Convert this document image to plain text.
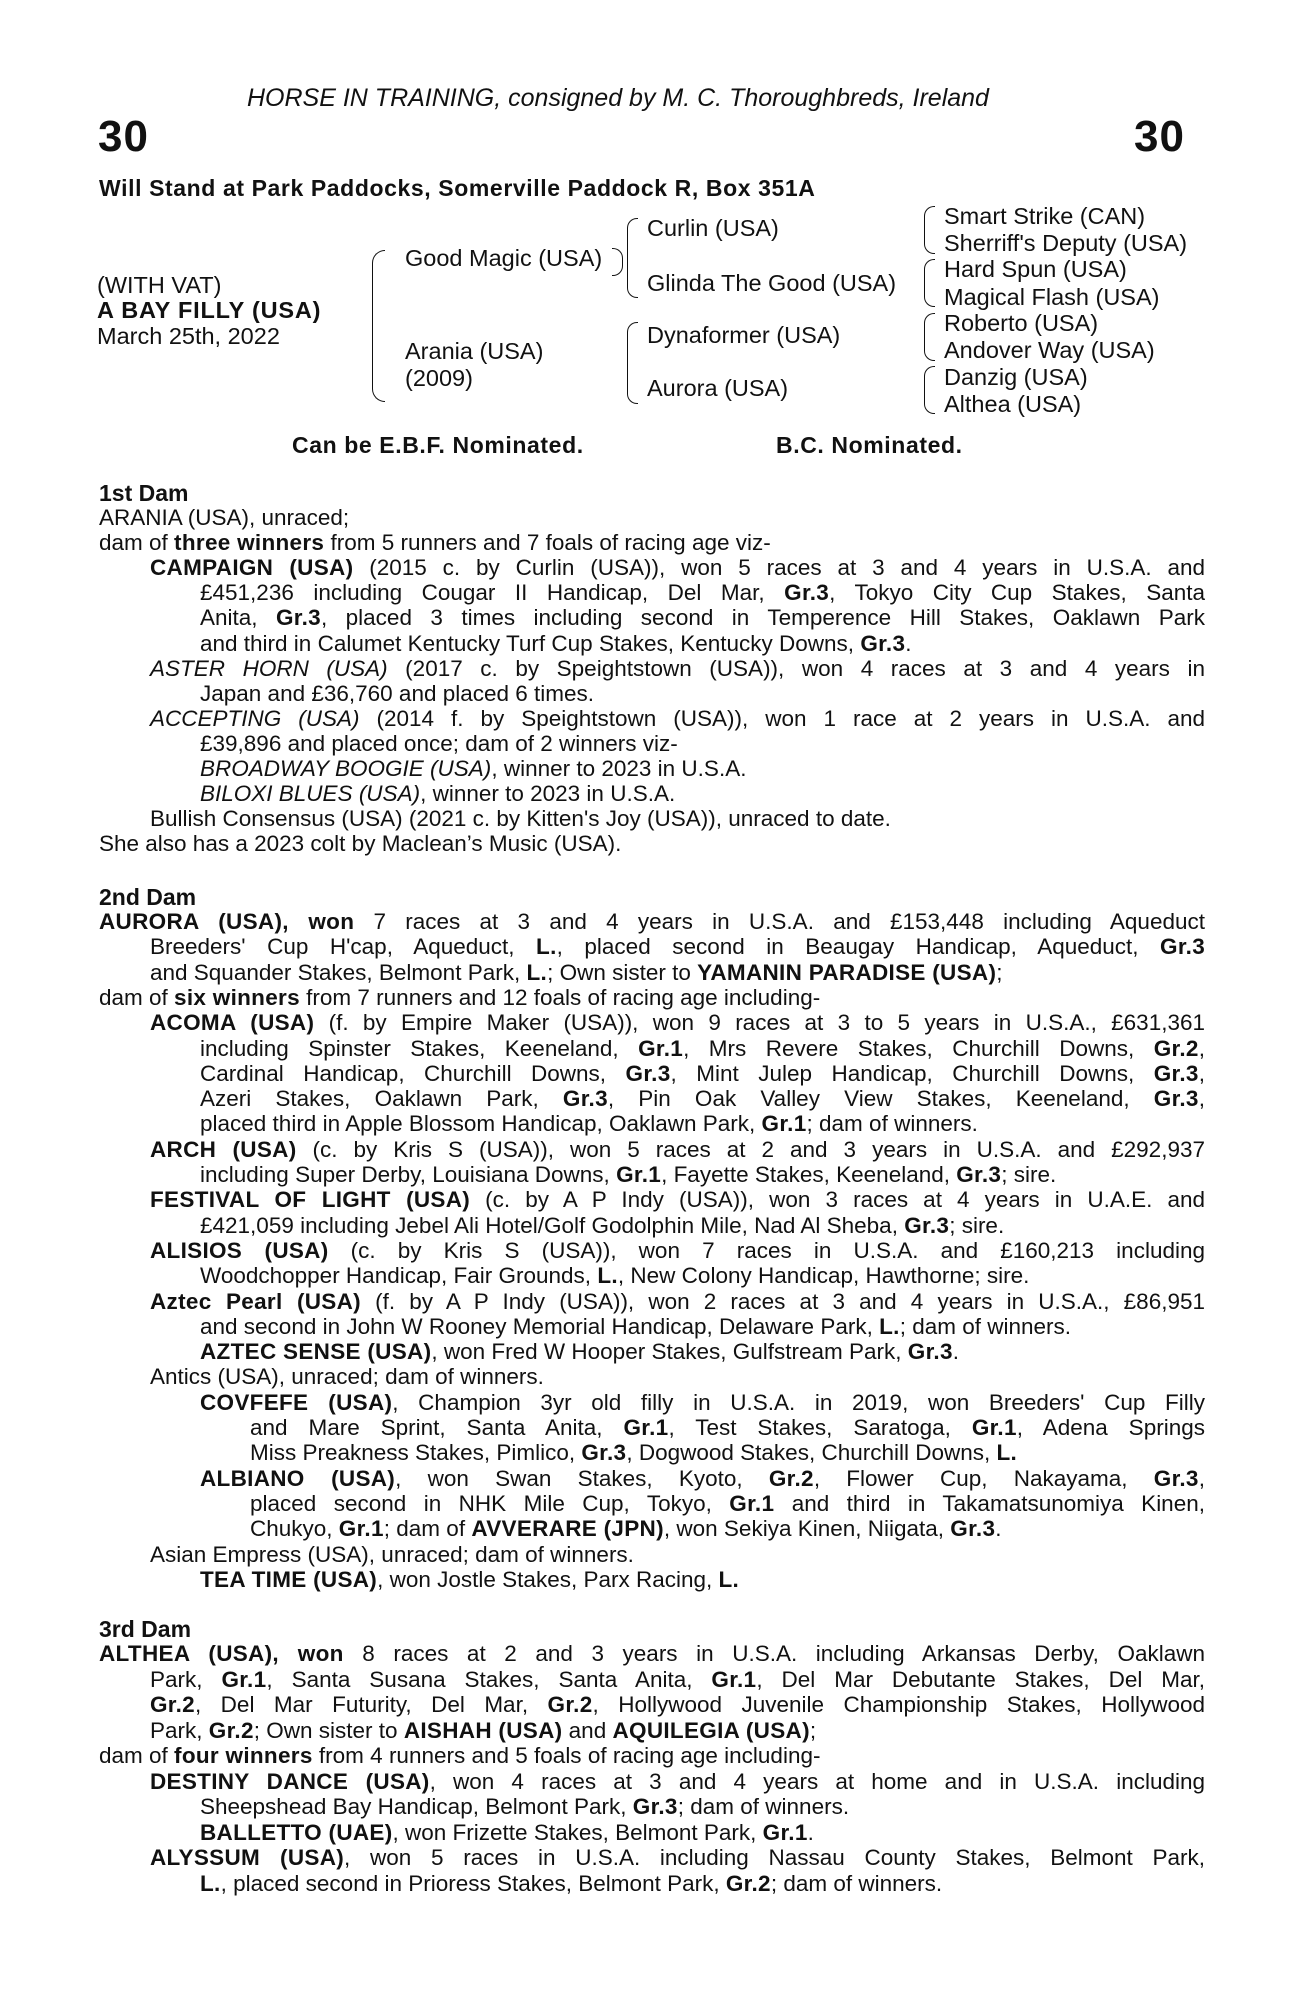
HORSE IN TRAINING, consigned by M. C. Thoroughbreds, Ireland
30	30
Will Stand at Park Paddocks, Somerville Paddock R, Box 351A
(WITH VAT)
A BAY FILLY (USA)
March 25th, 2022
Good Magic (USA)
Arania (USA)
(2009)
Curlin (USA)
Glinda The Good (USA)
Dynaformer (USA)
Aurora (USA)
Smart Strike (CAN)
Sherriff's Deputy (USA)
Hard Spun (USA)
Magical Flash (USA)
Roberto (USA)
Andover Way (USA)
Danzig (USA)
Althea (USA)
Can be E.B.F. Nominated.	B.C. Nominated.
1st Dam
ARANIA (USA), unraced;
dam of three winners from 5 runners and 7 foals of racing age viz-
CAMPAIGN (USA) (2015 c. by Curlin (USA)), won 5 races at 3 and 4 years in U.S.A. and
£451,236 including Cougar II Handicap, Del Mar, Gr.3, Tokyo City Cup Stakes, Santa
Anita, Gr.3, placed 3 times including second in Temperence Hill Stakes, Oaklawn Park
and third in Calumet Kentucky Turf Cup Stakes, Kentucky Downs, Gr.3.
ASTER HORN (USA) (2017 c. by Speightstown (USA)), won 4 races at 3 and 4 years in
Japan and £36,760 and placed 6 times.
ACCEPTING (USA) (2014 f. by Speightstown (USA)), won 1 race at 2 years in U.S.A. and
£39,896 and placed once; dam of 2 winners viz-
BROADWAY BOOGIE (USA), winner to 2023 in U.S.A.
BILOXI BLUES (USA), winner to 2023 in U.S.A.
Bullish Consensus (USA) (2021 c. by Kitten's Joy (USA)), unraced to date.
She also has a 2023 colt by Maclean’s Music (USA).
2nd Dam
AURORA (USA), won 7 races at 3 and 4 years in U.S.A. and £153,448 including Aqueduct
Breeders' Cup H'cap, Aqueduct, L., placed second in Beaugay Handicap, Aqueduct, Gr.3
and Squander Stakes, Belmont Park, L.; Own sister to YAMANIN PARADISE (USA);
dam of six winners from 7 runners and 12 foals of racing age including-
ACOMA (USA) (f. by Empire Maker (USA)), won 9 races at 3 to 5 years in U.S.A., £631,361
including Spinster Stakes, Keeneland, Gr.1, Mrs Revere Stakes, Churchill Downs, Gr.2,
Cardinal Handicap, Churchill Downs, Gr.3, Mint Julep Handicap, Churchill Downs, Gr.3,
Azeri Stakes, Oaklawn Park, Gr.3, Pin Oak Valley View Stakes, Keeneland, Gr.3,
placed third in Apple Blossom Handicap, Oaklawn Park, Gr.1; dam of winners.
ARCH (USA) (c. by Kris S (USA)), won 5 races at 2 and 3 years in U.S.A. and £292,937
including Super Derby, Louisiana Downs, Gr.1, Fayette Stakes, Keeneland, Gr.3; sire.
FESTIVAL OF LIGHT (USA) (c. by A P Indy (USA)), won 3 races at 4 years in U.A.E. and
£421,059 including Jebel Ali Hotel/Golf Godolphin Mile, Nad Al Sheba, Gr.3; sire.
ALISIOS (USA) (c. by Kris S (USA)), won 7 races in U.S.A. and £160,213 including
Woodchopper Handicap, Fair Grounds, L., New Colony Handicap, Hawthorne; sire.
Aztec Pearl (USA) (f. by A P Indy (USA)), won 2 races at 3 and 4 years in U.S.A., £86,951
and second in John W Rooney Memorial Handicap, Delaware Park, L.; dam of winners.
AZTEC SENSE (USA), won Fred W Hooper Stakes, Gulfstream Park, Gr.3.
Antics (USA), unraced; dam of winners.
COVFEFE (USA), Champion 3yr old filly in U.S.A. in 2019, won Breeders' Cup Filly
and Mare Sprint, Santa Anita, Gr.1, Test Stakes, Saratoga, Gr.1, Adena Springs
Miss Preakness Stakes, Pimlico, Gr.3, Dogwood Stakes, Churchill Downs, L.
ALBIANO (USA), won Swan Stakes, Kyoto, Gr.2, Flower Cup, Nakayama, Gr.3,
placed second in NHK Mile Cup, Tokyo, Gr.1 and third in Takamatsunomiya Kinen,
Chukyo, Gr.1; dam of AVVERARE (JPN), won Sekiya Kinen, Niigata, Gr.3.
Asian Empress (USA), unraced; dam of winners.
TEA TIME (USA), won Jostle Stakes, Parx Racing, L.
3rd Dam
ALTHEA (USA), won 8 races at 2 and 3 years in U.S.A. including Arkansas Derby, Oaklawn
Park, Gr.1, Santa Susana Stakes, Santa Anita, Gr.1, Del Mar Debutante Stakes, Del Mar,
Gr.2, Del Mar Futurity, Del Mar, Gr.2, Hollywood Juvenile Championship Stakes, Hollywood
Park, Gr.2; Own sister to AISHAH (USA) and AQUILEGIA (USA);
dam of four winners from 4 runners and 5 foals of racing age including-
DESTINY DANCE (USA), won 4 races at 3 and 4 years at home and in U.S.A. including
Sheepshead Bay Handicap, Belmont Park, Gr.3; dam of winners.
BALLETTO (UAE), won Frizette Stakes, Belmont Park, Gr.1.
ALYSSUM (USA), won 5 races in U.S.A. including Nassau County Stakes, Belmont Park,
L., placed second in Prioress Stakes, Belmont Park, Gr.2; dam of winners.
